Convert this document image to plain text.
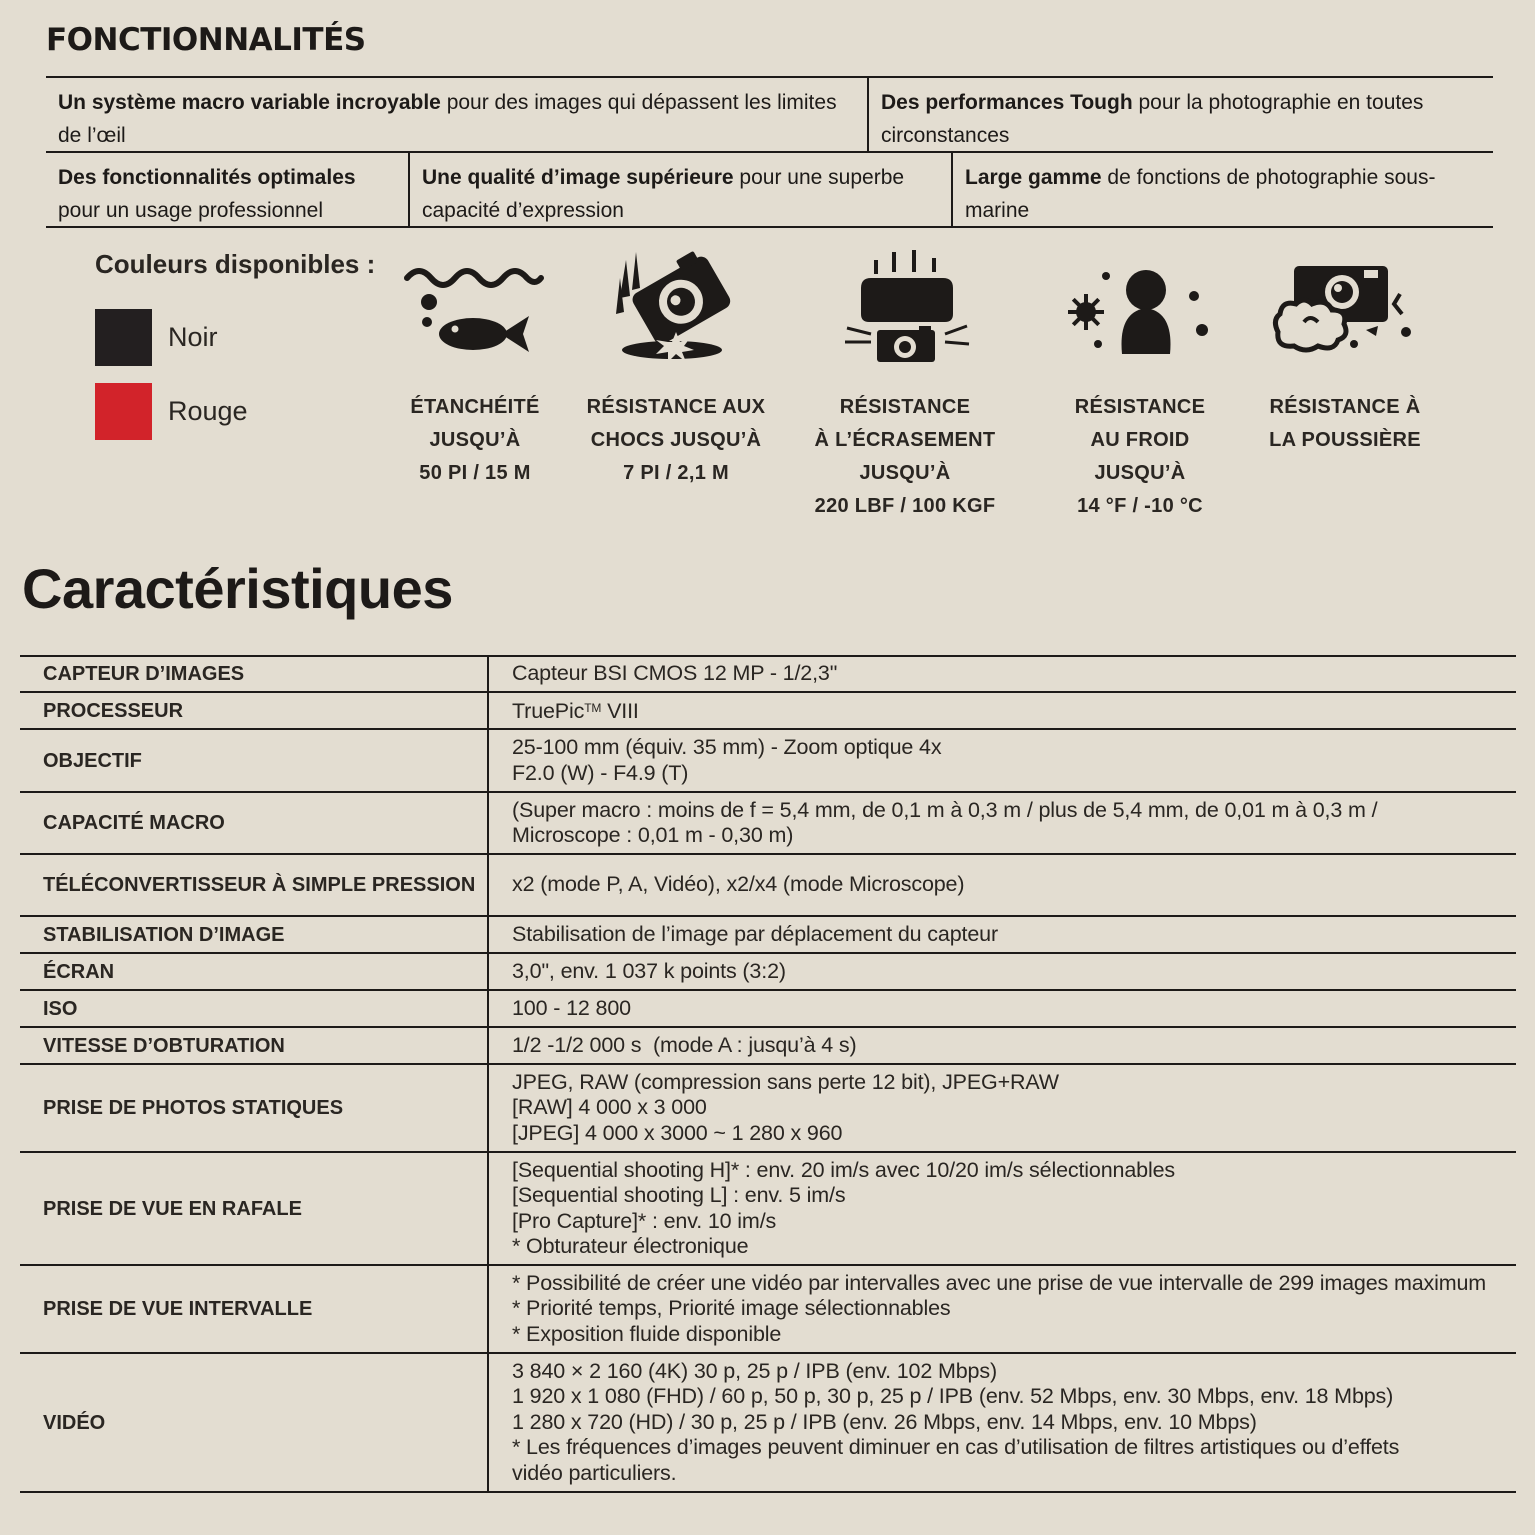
FONCTIONNALITÉS
Un système macro variable incroyable pour des images qui dépassent les limites de l’œil
Des performances Tough pour la photographie en toutes circonstances
Des fonctionnalités optimales pour un usage professionnel
Une qualité d’image supérieure pour une superbe capacité d’expression
Large gamme de fonctions de photographie sous-marine
Couleurs disponibles :
Noir
Rouge	ÉTANCHÉITÉ
JUSQU’À
50 PI / 15 M
RÉSISTANCE AUX
CHOCS JUSQU’À
7 PI / 2,1 M
RÉSISTANCE
À L’ÉCRASEMENT
JUSQU’À
220 LBF / 100 KGF
RÉSISTANCE
AU FROID
JUSQU’À
14 °F / -10 °C
RÉSISTANCE À
LA POUSSIÈRE
Caractéristiques
CAPTEUR D’IMAGES	Capteur BSI CMOS 12 MP - 1/2,3"

PROCESSEUR	TruePic™ VIII

OBJECTIF	25-100 mm (équiv. 35 mm) - Zoom optique 4x
F2.0 (W) - F4.9 (T)

CAPACITÉ MACRO	(Super macro : moins de f = 5,4 mm, de 0,1 m à 0,3 m / plus de 5,4 mm, de 0,01 m à 0,3 m /
Microscope : 0,01 m - 0,30 m)

TÉLÉCONVERTISSEUR À SIMPLE PRESSION	x2 (mode P, A, Vidéo), x2/x4 (mode Microscope)

STABILISATION D’IMAGE	Stabilisation de l’image par déplacement du capteur

ÉCRAN	3,0", env. 1 037 k points (3:2)

ISO	100 - 12 800

VITESSE D’OBTURATION	1/2 -1/2 000 s  (mode A : jusqu’à 4 s)

PRISE DE PHOTOS STATIQUES	JPEG, RAW (compression sans perte 12 bit), JPEG+RAW
[RAW] 4 000 x 3 000
[JPEG] 4 000 x 3000 ~ 1 280 x 960

PRISE DE VUE EN RAFALE	[Sequential shooting H]* : env. 20 im/s avec 10/20 im/s sélectionnables
[Sequential shooting L] : env. 5 im/s
[Pro Capture]* : env. 10 im/s
* Obturateur électronique

PRISE DE VUE INTERVALLE	* Possibilité de créer une vidéo par intervalles avec une prise de vue intervalle de 299 images maximum
* Priorité temps, Priorité image sélectionnables
* Exposition fluide disponible

VIDÉO	3 840 × 2 160 (4K) 30 p, 25 p / IPB (env. 102 Mbps)
1 920 x 1 080 (FHD) / 60 p, 50 p, 30 p, 25 p / IPB (env. 52 Mbps, env. 30 Mbps, env. 18 Mbps)
1 280 x 720 (HD) / 30 p, 25 p / IPB (env. 26 Mbps, env. 14 Mbps, env. 10 Mbps)
* Les fréquences d’images peuvent diminuer en cas d’utilisation de filtres artistiques ou d’effets
vidéo particuliers.
